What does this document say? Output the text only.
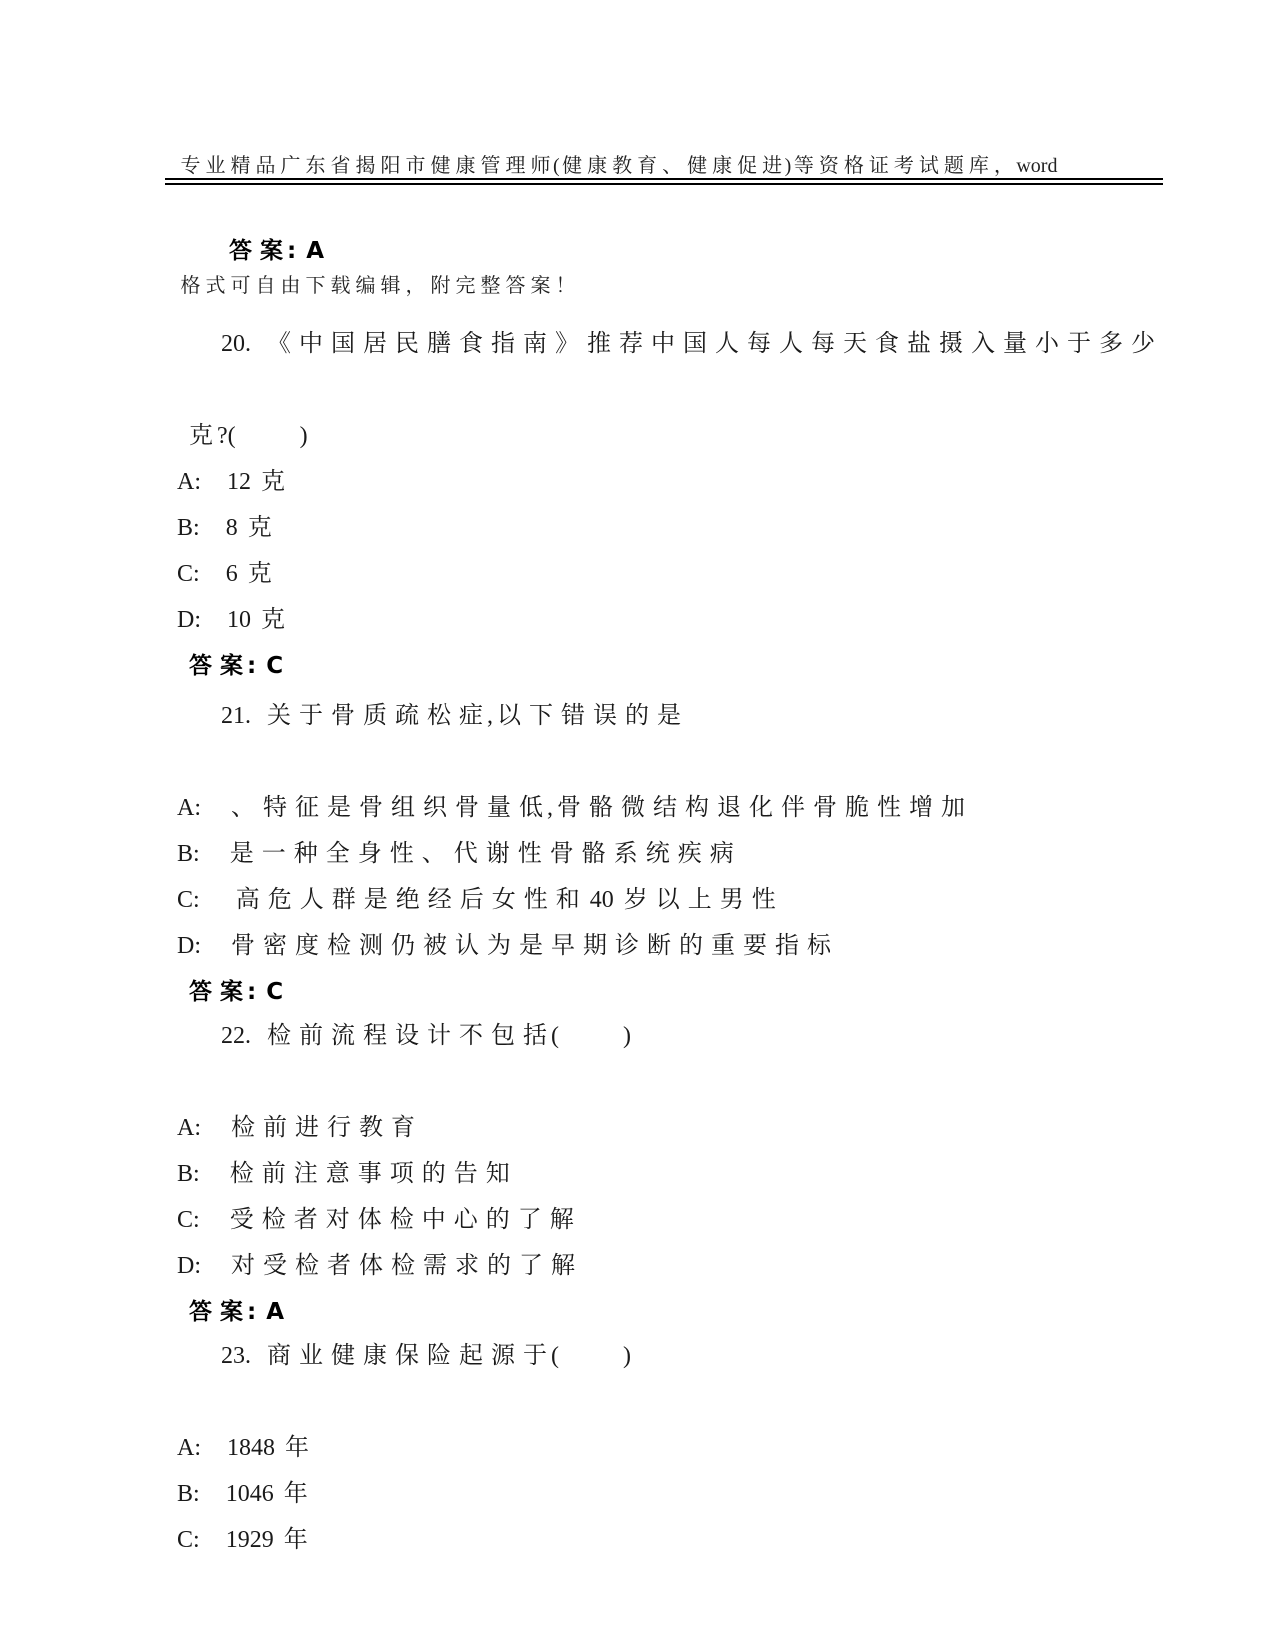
专 业 精 品 广 东 省 揭 阳 市 健 康 管 理 师 ( 健 康 教 育 、 健 康 促 进 ) 等 资 格 证 考 试 题 库 ， word

格 式 可 自 由 下 载 编 辑 ， 附 完 整 答 案 ！

答 案 : A

20. 《 中 国 居 民 膳 食 指 南 》 推 荐 中 国 人 每 人 每 天 食 盐 摄 入 量 小 于 多 少

克 ?(　　	)
A: 12 克
B: 8 克
C: 6 克
D: 10 克
答 案 : C

21. 关 于 骨 质 疏 松 症 , 以 下 错 误 的 是

A: 、 特 征 是 骨 组 织 骨 量 低 , 骨 骼 微 结 构 退 化 伴 骨 脆 性 增 加
B: 是 一 种 全 身 性 、 代 谢 性 骨 骼 系 统 疾 病
C: 高 危 人 群 是 绝 经 后 女 性 和 40 岁 以 上 男 性
D: 骨 密 度 检 测 仍 被 认 为 是 早 期 诊 断 的 重 要 指 标
答 案 : C

22. 检 前 流 程 设 计 不 包 括 (　　	)

A: 检 前 进 行 教 育
B: 检 前 注 意 事 项 的 告 知
C: 受 检 者 对 体 检 中 心 的 了 解
D: 对 受 检 者 体 检 需 求 的 了 解
答 案 : A

23. 商 业 健 康 保 险 起 源 于 (　　	)

A: 1848 年
B: 1046 年
C: 1929 年
